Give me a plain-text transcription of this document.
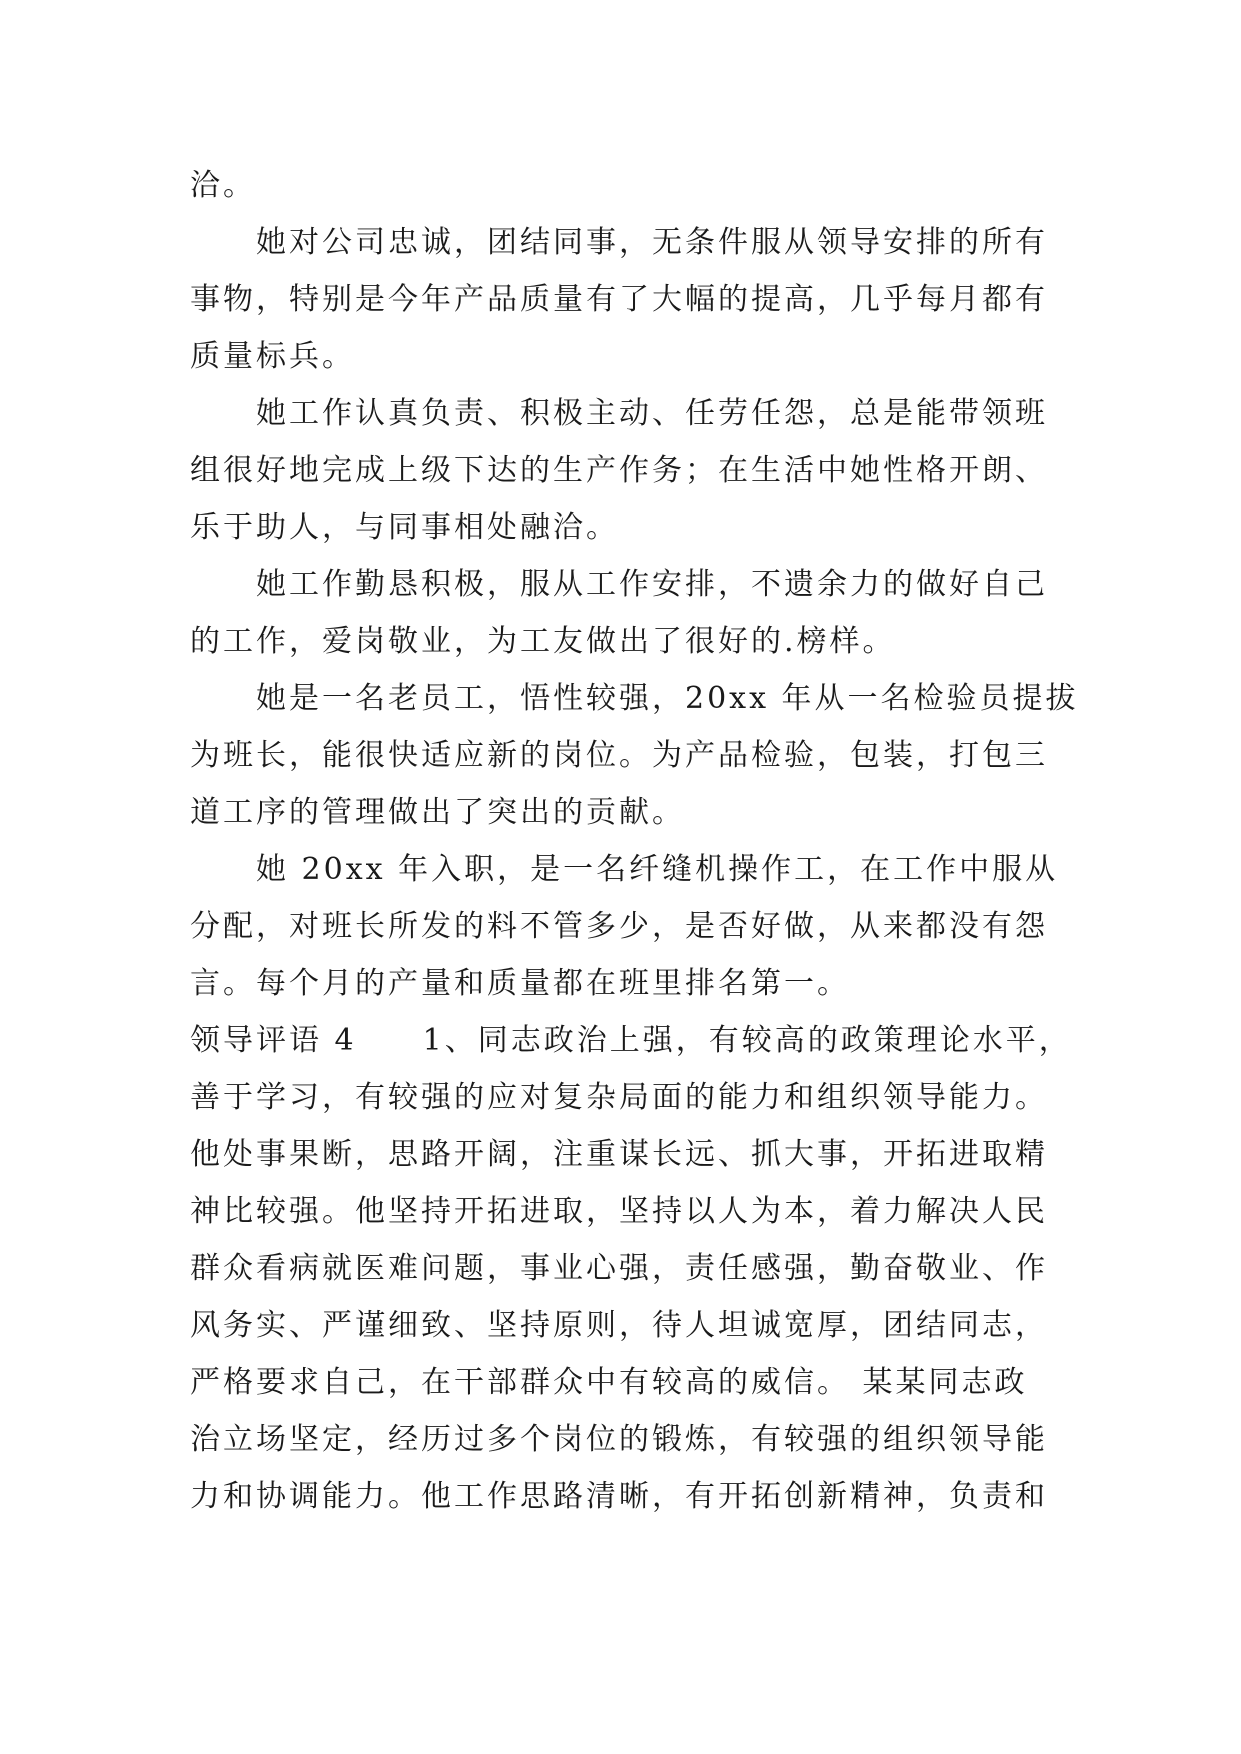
洽。
她对公司忠诚，团结同事，无条件服从领导安排的所有
事物，特别是今年产品质量有了大幅的提高，几乎每月都有
质量标兵。
她工作认真负责、积极主动、任劳任怨，总是能带领班
组很好地完成上级下达的生产作务；在生活中她性格开朗、
乐于助人，与同事相处融洽。
她工作勤恳积极，服从工作安排，不遗余力的做好自己
的工作，爱岗敬业，为工友做出了很好的.榜样。
她是一名老员工，悟性较强，20xx 年从一名检验员提拔
为班长，能很快适应新的岗位。为产品检验，包装，打包三
道工序的管理做出了突出的贡献。
她 20xx 年入职，是一名纤缝机操作工，在工作中服从
分配，对班长所发的料不管多少，是否好做，从来都没有怨
言。每个月的产量和质量都在班里排名第一。
领导评语 4　　1、同志政治上强，有较高的政策理论水平，
善于学习，有较强的应对复杂局面的能力和组织领导能力。
他处事果断，思路开阔，注重谋长远、抓大事，开拓进取精
神比较强。他坚持开拓进取，坚持以人为本，着力解决人民
群众看病就医难问题，事业心强，责任感强，勤奋敬业、作
风务实、严谨细致、坚持原则，待人坦诚宽厚，团结同志，
严格要求自己，在干部群众中有较高的威信。 某某同志政
治立场坚定，经历过多个岗位的锻炼，有较强的组织领导能
力和协调能力。他工作思路清晰，有开拓创新精神，负责和
